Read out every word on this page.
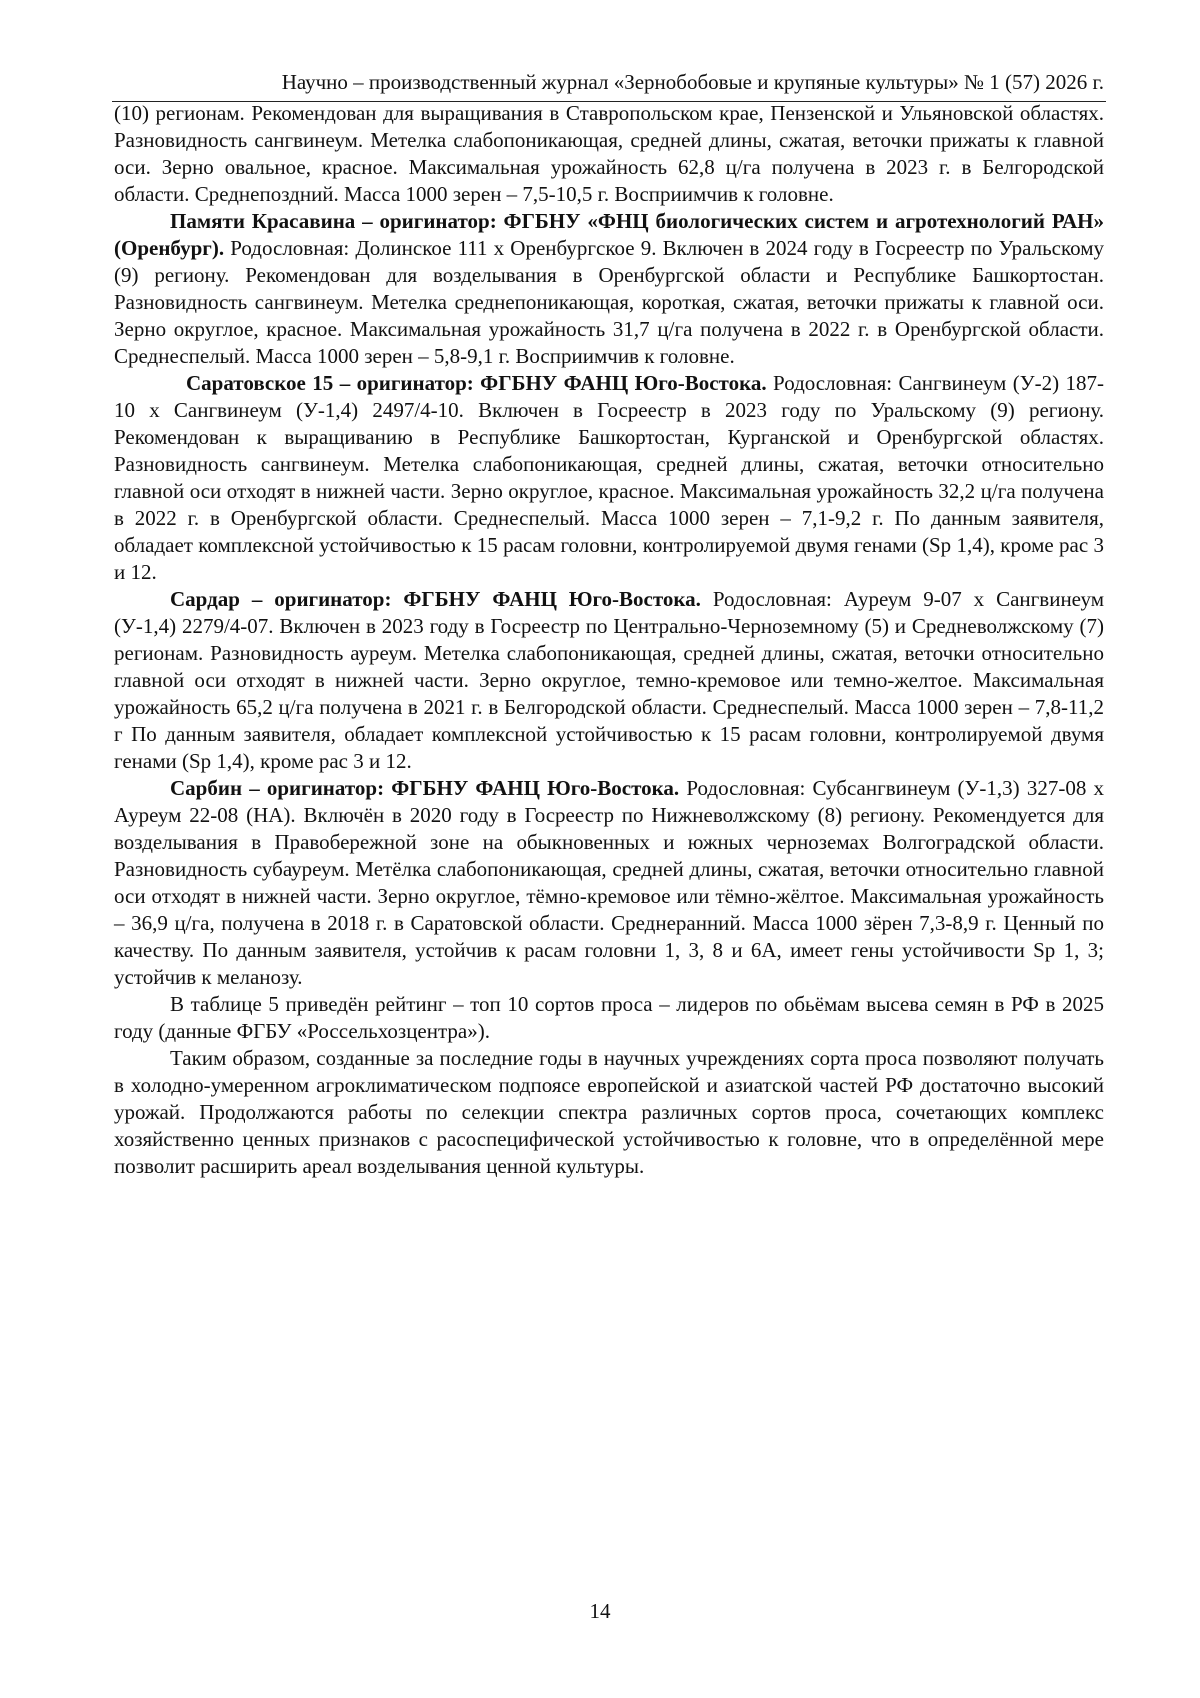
Научно – производственный журнал «Зернобобовые и крупяные культуры» № 1 (57) 2026 г.

(10) регионам. Рекомендован для выращивания в Ставропольском крае, Пензенской и Ульяновской областях. Разновидность сангвинеум. Метелка слабопоникающая, средней длины, сжатая, веточки прижаты к главной оси. Зерно овальное, красное. Максимальная урожайность 62,8 ц/га получена в 2023 г. в Белгородской области. Среднепоздний. Масса 1000 зерен – 7,5-10,5 г. Восприимчив к головне.

Памяти Красавина – оригинатор: ФГБНУ «ФНЦ биологических систем и агротехнологий РАН» (Оренбург). Родословная: Долинское 111 х Оренбургское 9. Включен в 2024 году в Госреестр по Уральскому (9) региону. Рекомендован для возделывания в Оренбургской области и Республике Башкортостан. Разновидность сангвинеум. Метелка среднепоникающая, короткая, сжатая, веточки прижаты к главной оси. Зерно округлое, красное. Максимальная урожайность 31,7 ц/га получена в 2022 г. в Оренбургской области. Среднеспелый. Масса 1000 зерен – 5,8-9,1 г. Восприимчив к головне.

Саратовское 15 – оригинатор: ФГБНУ ФАНЦ Юго-Востока. Родословная: Сангвинеум (У-2) 187-10 х Сангвинеум (У-1,4) 2497/4-10. Включен в Госреестр в 2023 году по Уральскому (9) региону. Рекомендован к выращиванию в Республике Башкортостан, Курганской и Оренбургской областях. Разновидность сангвинеум. Метелка слабопоникающая, средней длины, сжатая, веточки относительно главной оси отходят в нижней части. Зерно округлое, красное. Максимальная урожайность 32,2 ц/га получена в 2022 г. в Оренбургской области. Среднеспелый. Масса 1000 зерен – 7,1-9,2 г. По данным заявителя, обладает комплексной устойчивостью к 15 расам головни, контролируемой двумя генами (Sp 1,4), кроме рас 3 и 12.

Сардар – оригинатор: ФГБНУ ФАНЦ Юго-Востока. Родословная: Ауреум 9-07 х Сангвинеум (У-1,4) 2279/4-07. Включен в 2023 году в Госреестр по Центрально-Черноземному (5) и Средневолжскому (7) регионам. Разновидность ауреум. Метелка слабопоникающая, средней длины, сжатая, веточки относительно главной оси отходят в нижней части. Зерно округлое, темно-кремовое или темно-желтое. Максимальная урожайность 65,2 ц/га получена в 2021 г. в Белгородской области. Среднеспелый. Масса 1000 зерен – 7,8-11,2 г По данным заявителя, обладает комплексной устойчивостью к 15 расам головни, контролируемой двумя генами (Sp 1,4), кроме рас 3 и 12.

Сарбин – оригинатор: ФГБНУ ФАНЦ Юго-Востока. Родословная: Субсангвинеум (У-1,3) 327-08 х Ауреум 22-08 (НА). Включён в 2020 году в Госреестр по Нижневолжскому (8) региону. Рекомендуется для возделывания в Правобережной зоне на обыкновенных и южных черноземах Волгоградской области. Разновидность субауреум. Метёлка слабопоникающая, средней длины, сжатая, веточки относительно главной оси отходят в нижней части. Зерно округлое, тёмно-кремовое или тёмно-жёлтое. Максимальная урожайность – 36,9 ц/га, получена в 2018 г. в Саратовской области. Среднеранний. Масса 1000 зёрен 7,3-8,9 г. Ценный по качеству. По данным заявителя, устойчив к расам головни 1, 3, 8 и 6А, имеет гены устойчивости Sp 1, 3; устойчив к меланозу.

В таблице 5 приведён рейтинг – топ 10 сортов проса – лидеров по обьёмам высева семян в РФ в 2025 году (данные ФГБУ «Россельхозцентра»).

Таким образом, созданные за последние годы в научных учреждениях сорта проса позволяют получать в холодно-умеренном агроклиматическом подпоясе европейской и азиатской частей РФ достаточно высокий урожай. Продолжаются работы по селекции спектра различных сортов проса, сочетающих комплекс хозяйственно ценных признаков с расоспецифической устойчивостью к головне, что в определённой мере позволит расширить ареал возделывания ценной культуры.

14
